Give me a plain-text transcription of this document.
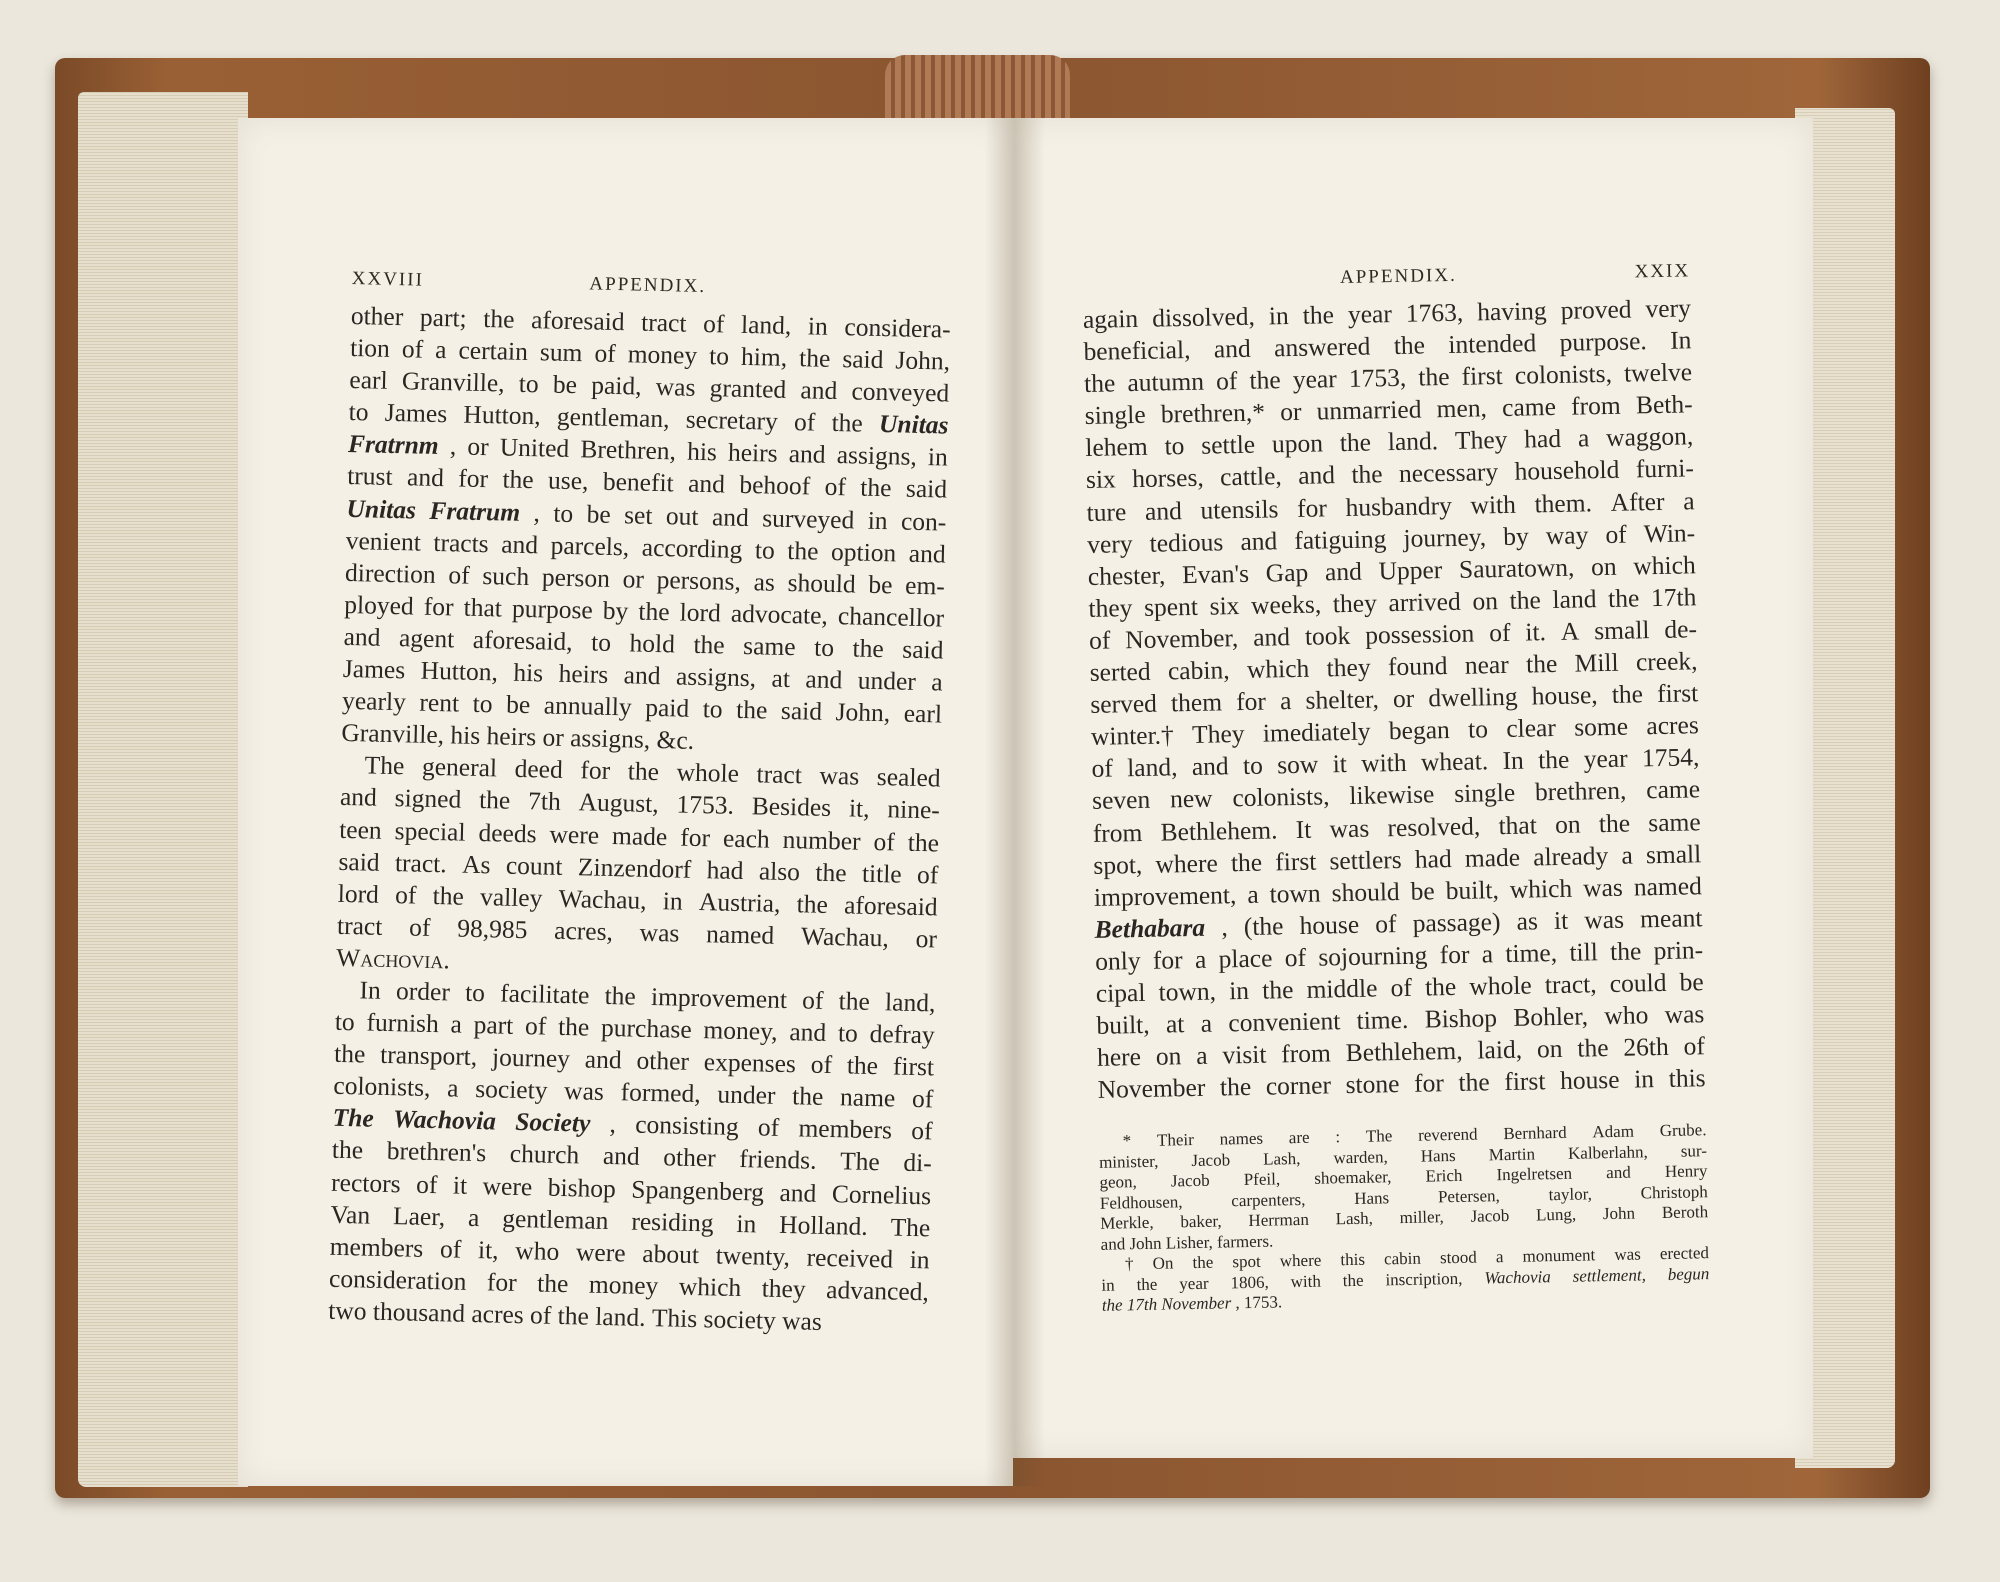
XXVIII	APPENDIX.
other part; the aforesaid tract of land, in considera-
tion of a certain sum of money to him, the said John,
earl Granville, to be paid, was granted and conveyed
to James Hutton, gentleman, secretary of the Unitas
Fratrnm , or United Brethren, his heirs and assigns, in
trust and for the use, benefit and behoof of the said
Unitas Fratrum , to be set out and surveyed in con-
venient tracts and parcels, according to the option and
direction of such person or persons, as should be em-
ployed for that purpose by the lord advocate, chancellor
and agent aforesaid, to hold the same to the said
James Hutton, his heirs and assigns, at and under a
yearly rent to be annually paid to the said John, earl
Granville, his heirs or assigns, &c.
The general deed for the whole tract was sealed
and signed the 7th August, 1753. Besides it, nine-
teen special deeds were made for each number of the
said tract. As count Zinzendorf had also the title of
lord of the valley Wachau, in Austria, the aforesaid
tract of 98,985 acres, was named Wachau, or
Wachovia.
In order to facilitate the improvement of the land,
to furnish a part of the purchase money, and to defray
the transport, journey and other expenses of the first
colonists, a society was formed, under the name of
The Wachovia Society , consisting of members of
the brethren's church and other friends. The di-
rectors of it were bishop Spangenberg and Cornelius
Van Laer, a gentleman residing in Holland. The
members of it, who were about twenty, received in
consideration for the money which they advanced,
two thousand acres of the land. This society was
APPENDIX.	XXIX
again dissolved, in the year 1763, having proved very
beneficial, and answered the intended purpose. In
the autumn of the year 1753, the first colonists, twelve
single brethren,* or unmarried men, came from Beth-
lehem to settle upon the land. They had a waggon,
six horses, cattle, and the necessary household furni-
ture and utensils for husbandry with them. After a
very tedious and fatiguing journey, by way of Win-
chester, Evan's Gap and Upper Sauratown, on which
they spent six weeks, they arrived on the land the 17th
of November, and took possession of it. A small de-
serted cabin, which they found near the Mill creek,
served them for a shelter, or dwelling house, the first
winter.† They imediately began to clear some acres
of land, and to sow it with wheat. In the year 1754,
seven new colonists, likewise single brethren, came
from Bethlehem. It was resolved, that on the same
spot, where the first settlers had made already a small
improvement, a town should be built, which was named
Bethabara , (the house of passage) as it was meant
only for a place of sojourning for a time, till the prin-
cipal town, in the middle of the whole tract, could be
built, at a convenient time. Bishop Bohler, who was
here on a visit from Bethlehem, laid, on the 26th of
November the corner stone for the first house in this
* Their names are : The reverend Bernhard Adam Grube.
minister, Jacob Lash, warden, Hans Martin Kalberlahn, sur-
geon, Jacob Pfeil, shoemaker, Erich Ingelretsen and Henry
Feldhousen,	carpenters,	Hans	Petersen,	taylor,	Christoph
Merkle, baker, Herrman Lash, miller, Jacob Lung, John Beroth
and John Lisher, farmers.
† On the spot where this cabin stood a monument was erected
in the year 1806, with the inscription, Wachovia settlement, begun
the 17th November , 1753.
